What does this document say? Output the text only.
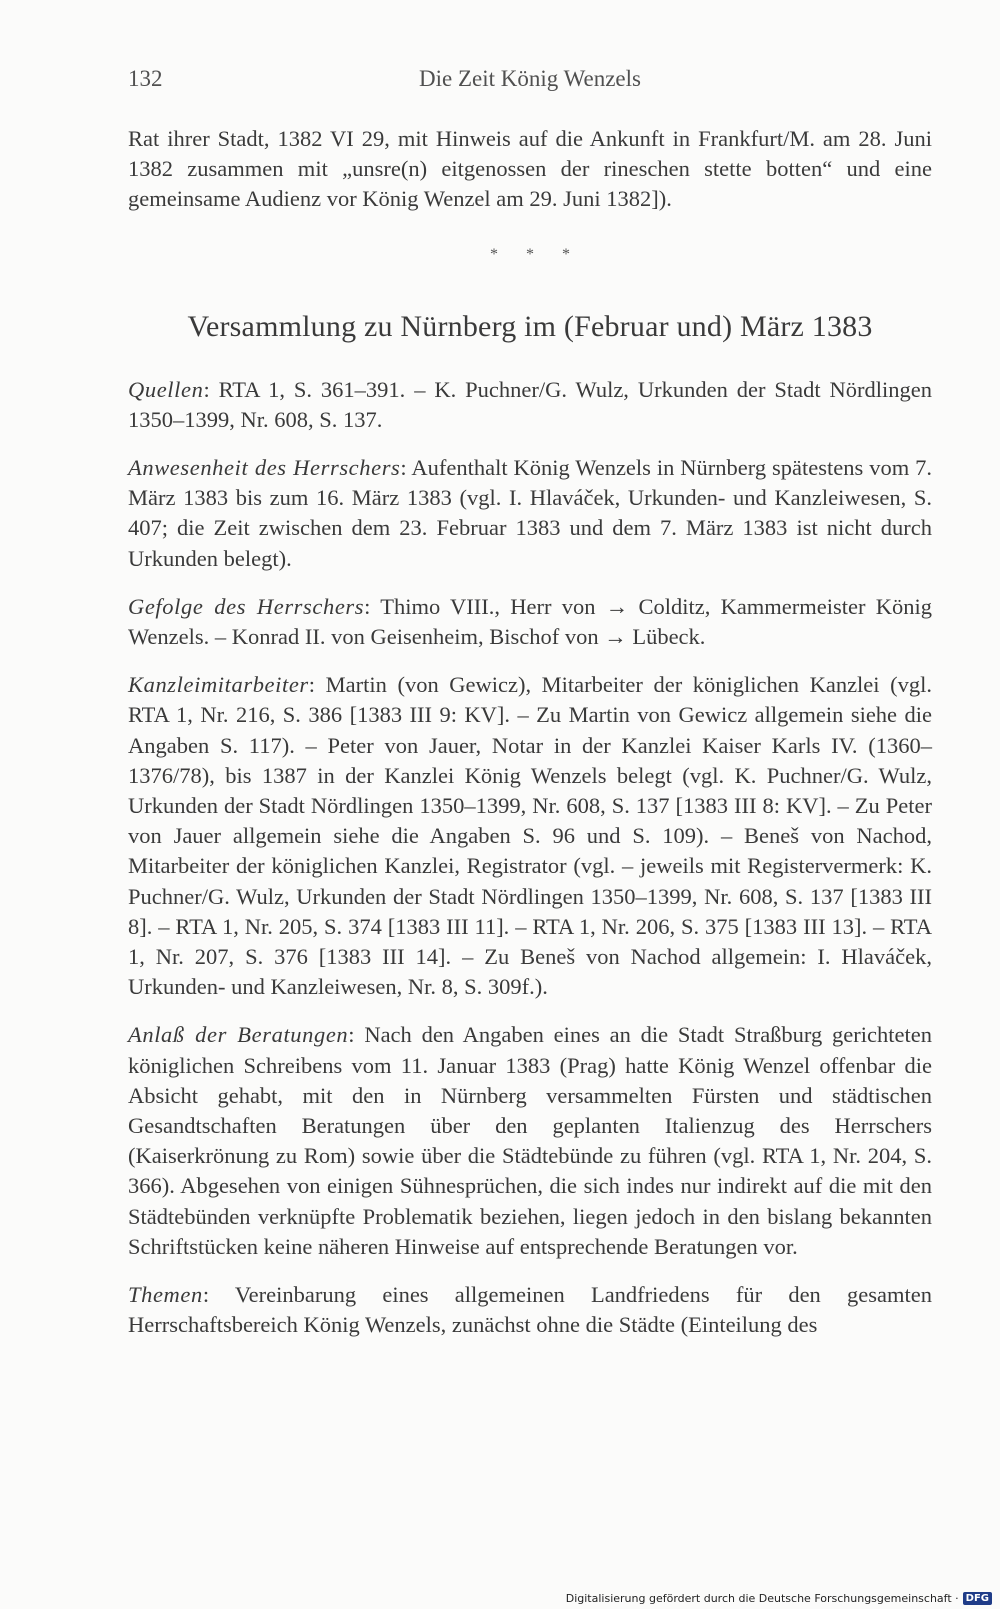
132	Die Zeit König Wenzels

Rat ihrer Stadt, 1382 VI 29, mit Hinweis auf die Ankunft in Frankfurt/M. am 28. Juni 1382 zusammen mit „unsre(n) eitgenossen der rineschen stette botten“ und eine gemeinsame Audienz vor König Wenzel am 29. Juni 1382]).

* * *
Versammlung zu Nürnberg im (Februar und) März 1383

Quellen: RTA 1, S. 361–391. – K. Puchner/G. Wulz, Urkunden der Stadt Nördlingen 1350–1399, Nr. 608, S. 137.

Anwesenheit des Herrschers: Aufenthalt König Wenzels in Nürnberg spätestens vom 7. März 1383 bis zum 16. März 1383 (vgl. I. Hlaváček, Urkunden- und Kanzleiwesen, S. 407; die Zeit zwischen dem 23. Februar 1383 und dem 7. März 1383 ist nicht durch Urkunden belegt).

Gefolge des Herrschers: Thimo VIII., Herr von → Colditz, Kammermeister König Wenzels. – Konrad II. von Geisenheim, Bischof von → Lübeck.

Kanzleimitarbeiter: Martin (von Gewicz), Mitarbeiter der königlichen Kanzlei (vgl. RTA 1, Nr. 216, S. 386 [1383 III 9: KV]. – Zu Martin von Gewicz allgemein siehe die Angaben S. 117). – Peter von Jauer, Notar in der Kanzlei Kaiser Karls IV. (1360–1376/78), bis 1387 in der Kanzlei König Wenzels belegt (vgl. K. Puchner/G. Wulz, Urkunden der Stadt Nördlingen 1350–1399, Nr. 608, S. 137 [1383 III 8: KV]. – Zu Peter von Jauer allgemein siehe die Angaben S. 96 und S. 109). – Beneš von Nachod, Mitarbeiter der königlichen Kanzlei, Registrator (vgl. – jeweils mit Registervermerk: K. Puchner/G. Wulz, Urkunden der Stadt Nördlingen 1350–1399, Nr. 608, S. 137 [1383 III 8]. – RTA 1, Nr. 205, S. 374 [1383 III 11]. – RTA 1, Nr. 206, S. 375 [1383 III 13]. – RTA 1, Nr. 207, S. 376 [1383 III 14]. – Zu Beneš von Nachod allgemein: I. Hlaváček, Urkunden- und Kanzleiwesen, Nr. 8, S. 309f.).

Anlaß der Beratungen: Nach den Angaben eines an die Stadt Straßburg gerichteten königlichen Schreibens vom 11. Januar 1383 (Prag) hatte König Wenzel offenbar die Absicht gehabt, mit den in Nürnberg versammelten Fürsten und städtischen Gesandtschaften Beratungen über den geplanten Italienzug des Herrschers (Kaiserkrönung zu Rom) sowie über die Städtebünde zu führen (vgl. RTA 1, Nr. 204, S. 366). Abgesehen von einigen Sühnesprüchen, die sich indes nur indirekt auf die mit den Städtebünden verknüpfte Problematik beziehen, liegen jedoch in den bislang bekannten Schriftstücken keine näheren Hinweise auf entsprechende Beratungen vor.

Themen: Vereinbarung eines allgemeinen Landfriedens für den gesamten Herrschaftsbereich König Wenzels, zunächst ohne die Städte (Einteilung des

Digitalisierung gefördert durch die Deutsche Forschungsgemeinschaft · DFG
